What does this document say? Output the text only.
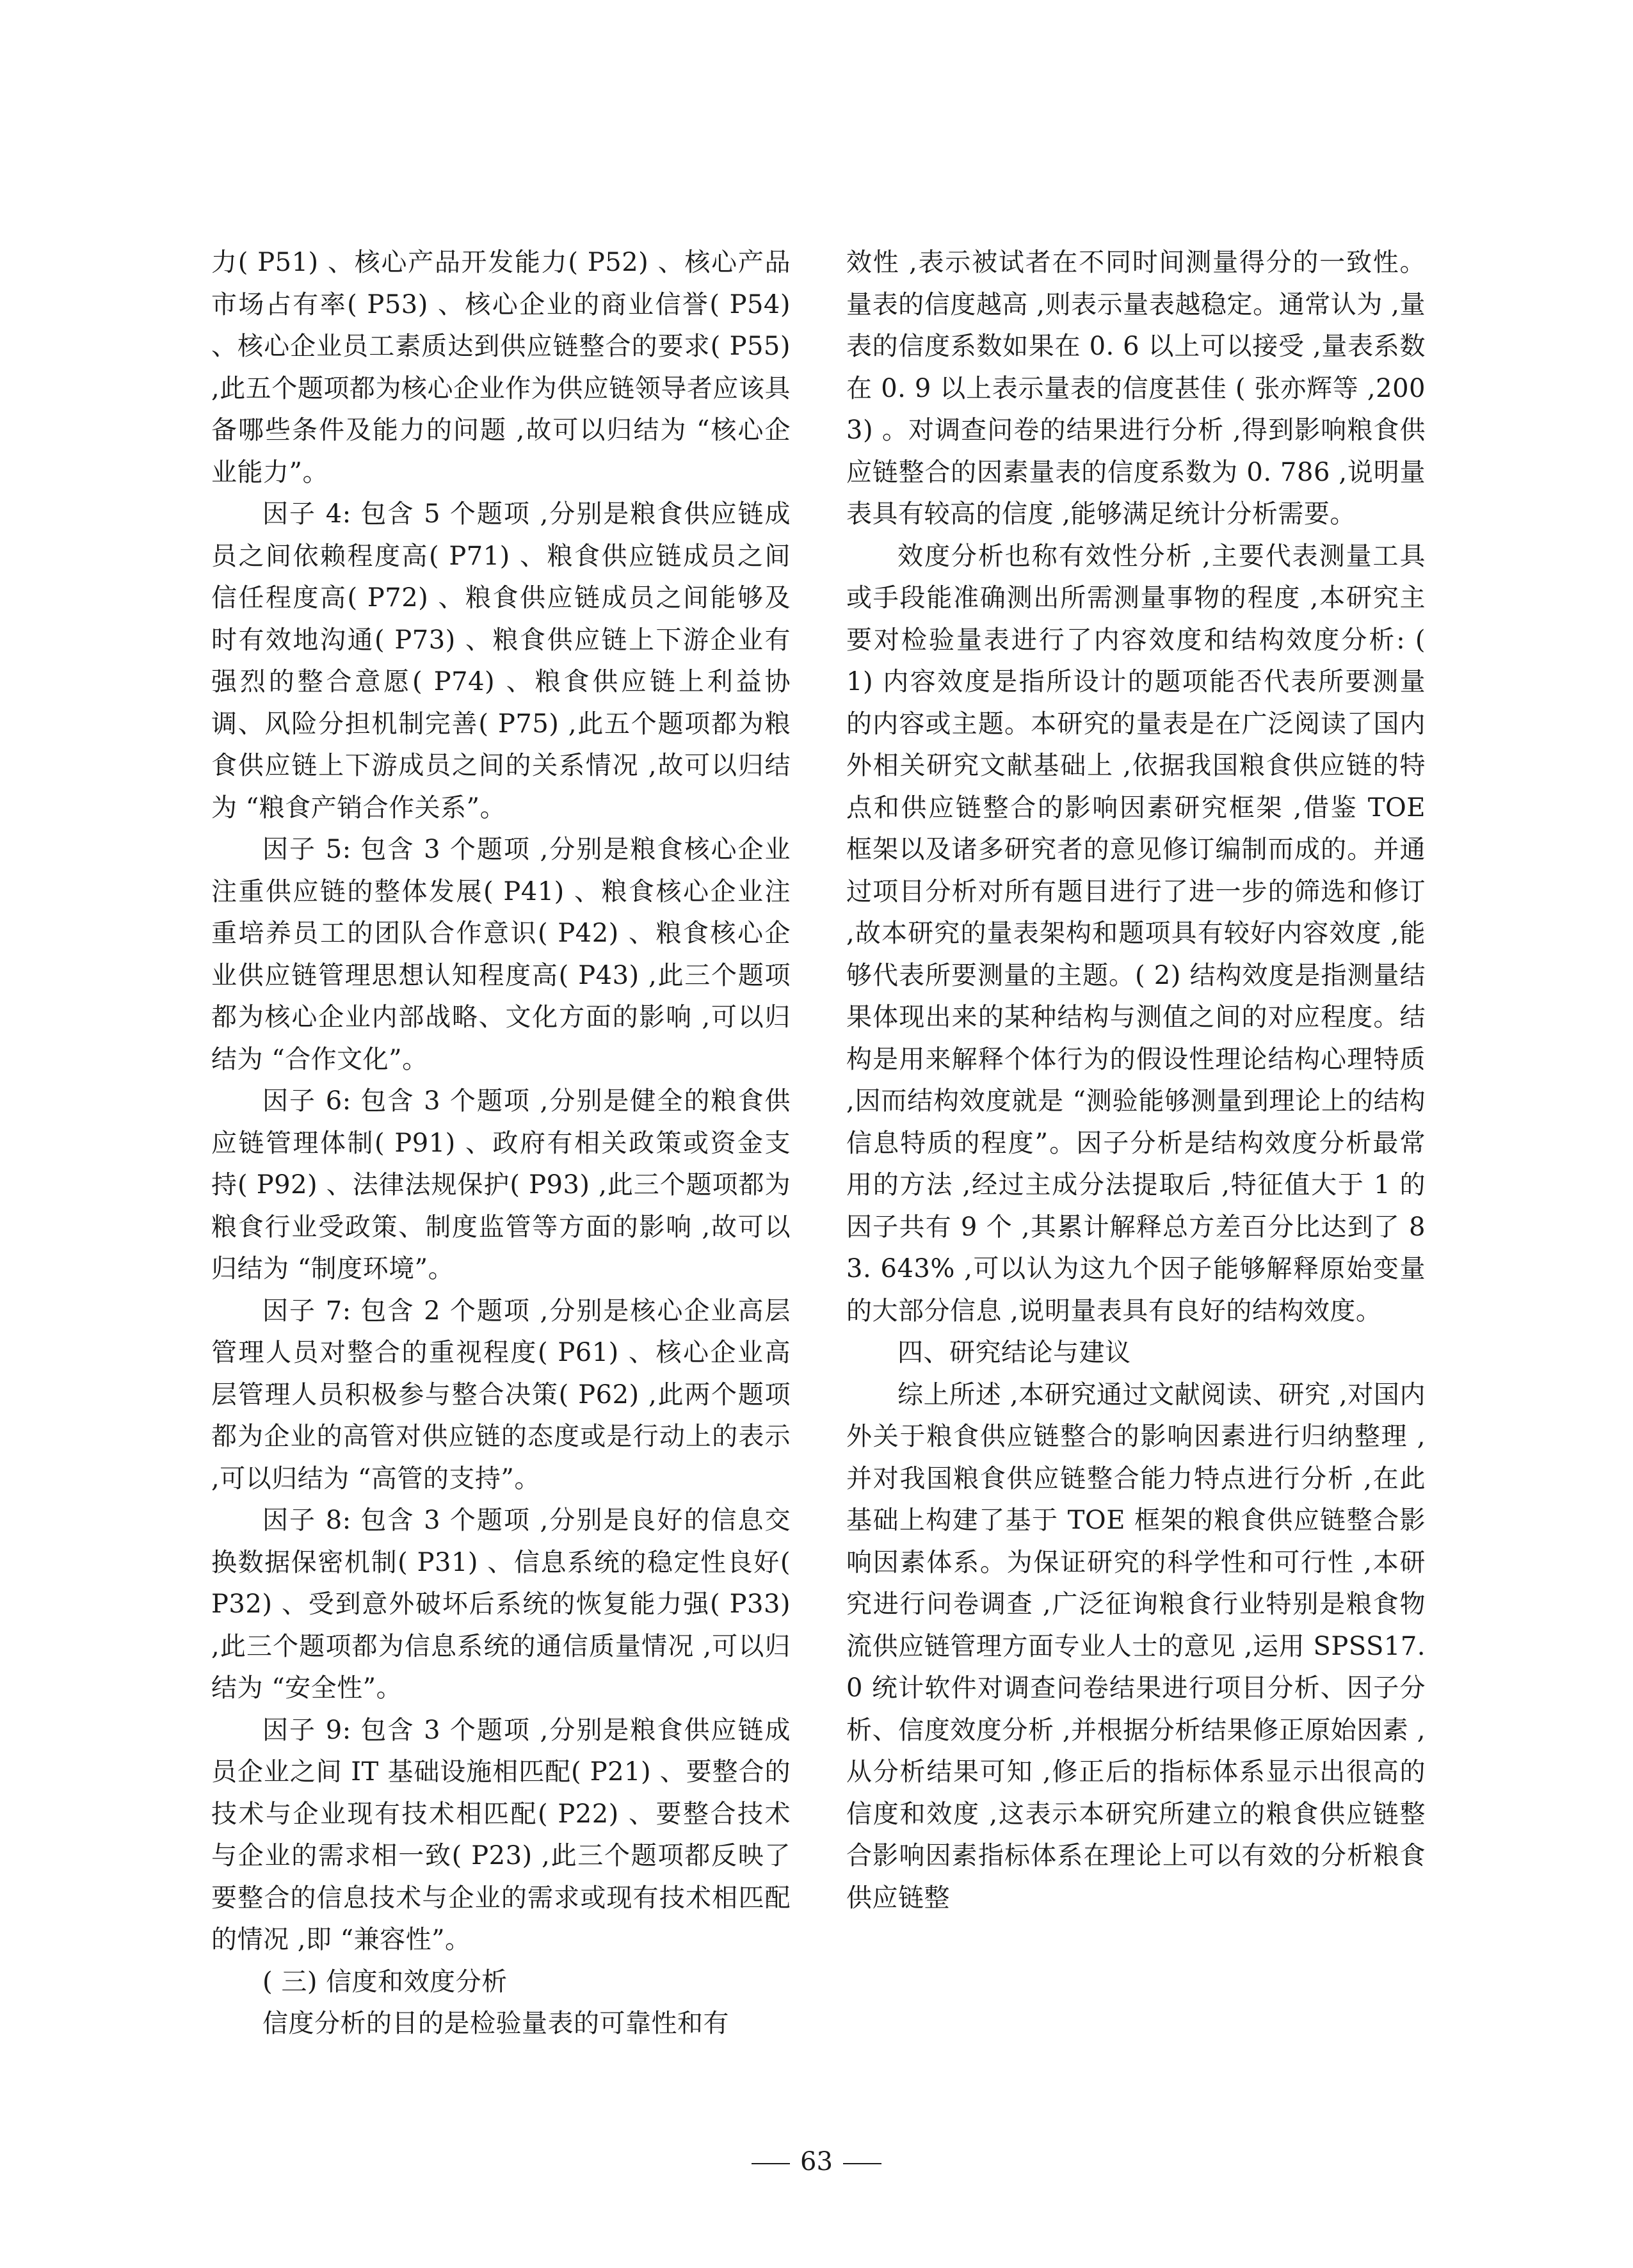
力( P51) 、核心产品开发能力( P52) 、核心产品市场占有率( P53) 、核心企业的商业信誉( P54) 、核心企业员工素质达到供应链整合的要求( P55) ,此五个题项都为核心企业作为供应链领导者应该具备哪些条件及能力的问题 ,故可以归结为 “核心企业能力”。

因子 4: 包含 5 个题项 ,分别是粮食供应链成员之间依赖程度高( P71) 、粮食供应链成员之间信任程度高( P72) 、粮食供应链成员之间能够及时有效地沟通( P73) 、粮食供应链上下游企业有强烈的整合意愿( P74) 、粮食供应链上利益协调、风险分担机制完善( P75) ,此五个题项都为粮食供应链上下游成员之间的关系情况 ,故可以归结为 “粮食产销合作关系”。

因子 5: 包含 3 个题项 ,分别是粮食核心企业注重供应链的整体发展( P41) 、粮食核心企业注重培养员工的团队合作意识( P42) 、粮食核心企业供应链管理思想认知程度高( P43) ,此三个题项都为核心企业内部战略、文化方面的影响 ,可以归结为 “合作文化”。

因子 6: 包含 3 个题项 ,分别是健全的粮食供应链管理体制( P91) 、政府有相关政策或资金支持( P92) 、法律法规保护( P93) ,此三个题项都为粮食行业受政策、制度监管等方面的影响 ,故可以归结为 “制度环境”。

因子 7: 包含 2 个题项 ,分别是核心企业高层管理人员对整合的重视程度( P61) 、核心企业高层管理人员积极参与整合决策( P62) ,此两个题项都为企业的高管对供应链的态度或是行动上的表示 ,可以归结为 “高管的支持”。

因子 8: 包含 3 个题项 ,分别是良好的信息交换数据保密机制( P31) 、信息系统的稳定性良好( P32) 、受到意外破坏后系统的恢复能力强( P33) ,此三个题项都为信息系统的通信质量情况 ,可以归结为 “安全性”。

因子 9: 包含 3 个题项 ,分别是粮食供应链成员企业之间 IT 基础设施相匹配( P21) 、要整合的技术与企业现有技术相匹配( P22) 、要整合技术与企业的需求相一致( P23) ,此三个题项都反映了要整合的信息技术与企业的需求或现有技术相匹配的情况 ,即 “兼容性”。

( 三) 信度和效度分析

信度分析的目的是检验量表的可靠性和有

效性 ,表示被试者在不同时间测量得分的一致性。量表的信度越高 ,则表示量表越稳定。通常认为 ,量表的信度系数如果在 0. 6 以上可以接受 ,量表系数在 0. 9 以上表示量表的信度甚佳 ( 张亦辉等 ,2003) 。对调查问卷的结果进行分析 ,得到影响粮食供应链整合的因素量表的信度系数为 0. 786 ,说明量表具有较高的信度 ,能够满足统计分析需要。

效度分析也称有效性分析 ,主要代表测量工具或手段能准确测出所需测量事物的程度 ,本研究主要对检验量表进行了内容效度和结构效度分析: ( 1) 内容效度是指所设计的题项能否代表所要测量的内容或主题。本研究的量表是在广泛阅读了国内外相关研究文献基础上 ,依据我国粮食供应链的特点和供应链整合的影响因素研究框架 ,借鉴 TOE 框架以及诸多研究者的意见修订编制而成的。并通过项目分析对所有题目进行了进一步的筛选和修订 ,故本研究的量表架构和题项具有较好内容效度 ,能够代表所要测量的主题。( 2) 结构效度是指测量结果体现出来的某种结构与测值之间的对应程度。结构是用来解释个体行为的假设性理论结构心理特质 ,因而结构效度就是 “测验能够测量到理论上的结构信息特质的程度”。因子分析是结构效度分析最常用的方法 ,经过主成分法提取后 ,特征值大于 1 的因子共有 9 个 ,其累计解释总方差百分比达到了 83. 643% ,可以认为这九个因子能够解释原始变量的大部分信息 ,说明量表具有良好的结构效度。

四、研究结论与建议

综上所述 ,本研究通过文献阅读、研究 ,对国内外关于粮食供应链整合的影响因素进行归纳整理 ,并对我国粮食供应链整合能力特点进行分析 ,在此基础上构建了基于 TOE 框架的粮食供应链整合影响因素体系。为保证研究的科学性和可行性 ,本研究进行问卷调查 ,广泛征询粮食行业特别是粮食物流供应链管理方面专业人士的意见 ,运用 SPSS17. 0 统计软件对调查问卷结果进行项目分析、因子分析、信度效度分析 ,并根据分析结果修正原始因素 ,从分析结果可知 ,修正后的指标体系显示出很高的信度和效度 ,这表示本研究所建立的粮食供应链整合影响因素指标体系在理论上可以有效的分析粮食供应链整

63
